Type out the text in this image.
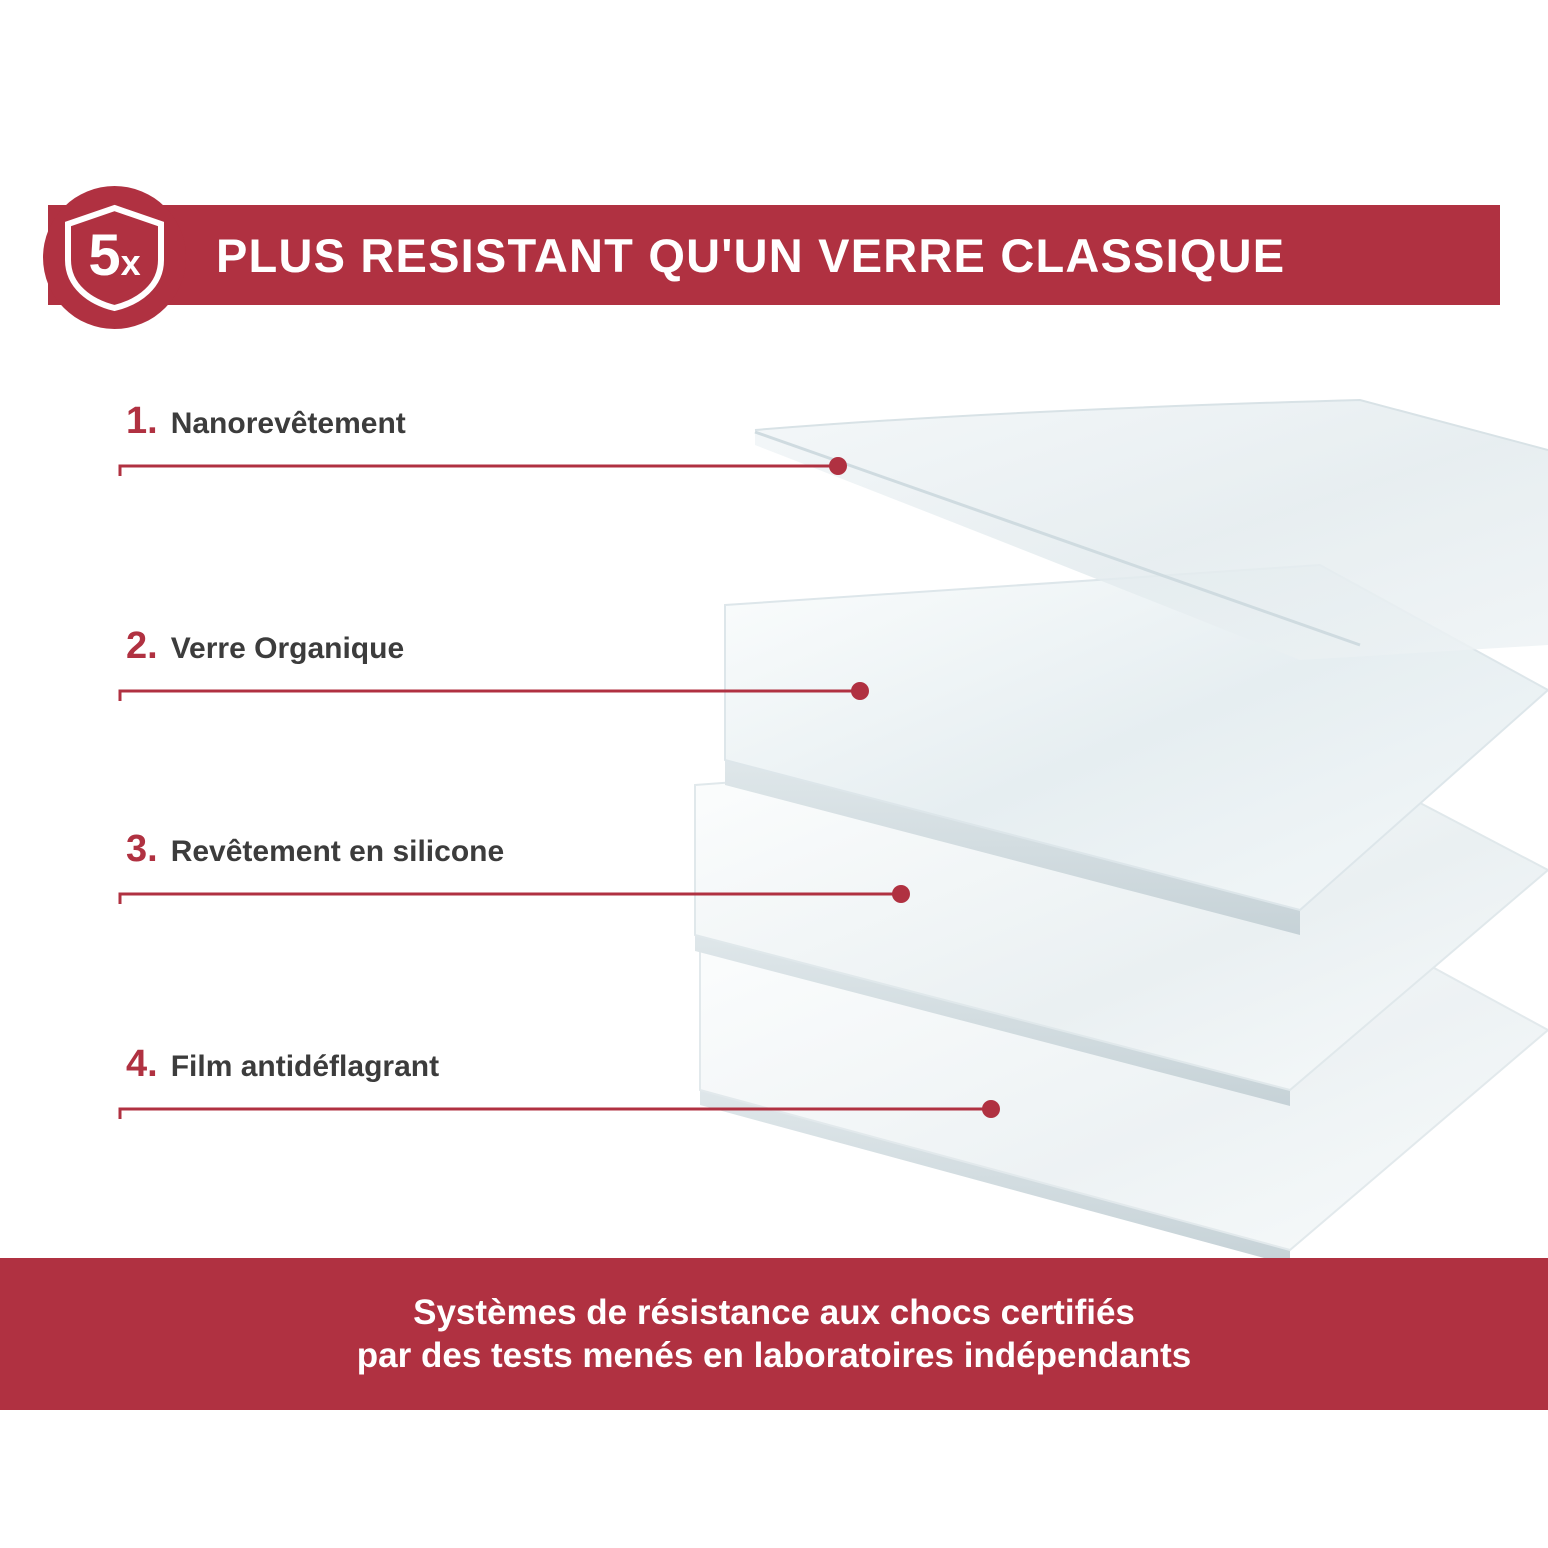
PLUS RESISTANT QU'UN VERRE CLASSIQUE
5 x
1. Nanorevêtement
2. Verre Organique
3. Revêtement en silicone
4. Film antidéflagrant
Systèmes de résistance aux chocs certifiés
par des tests menés en laboratoires indépendants
